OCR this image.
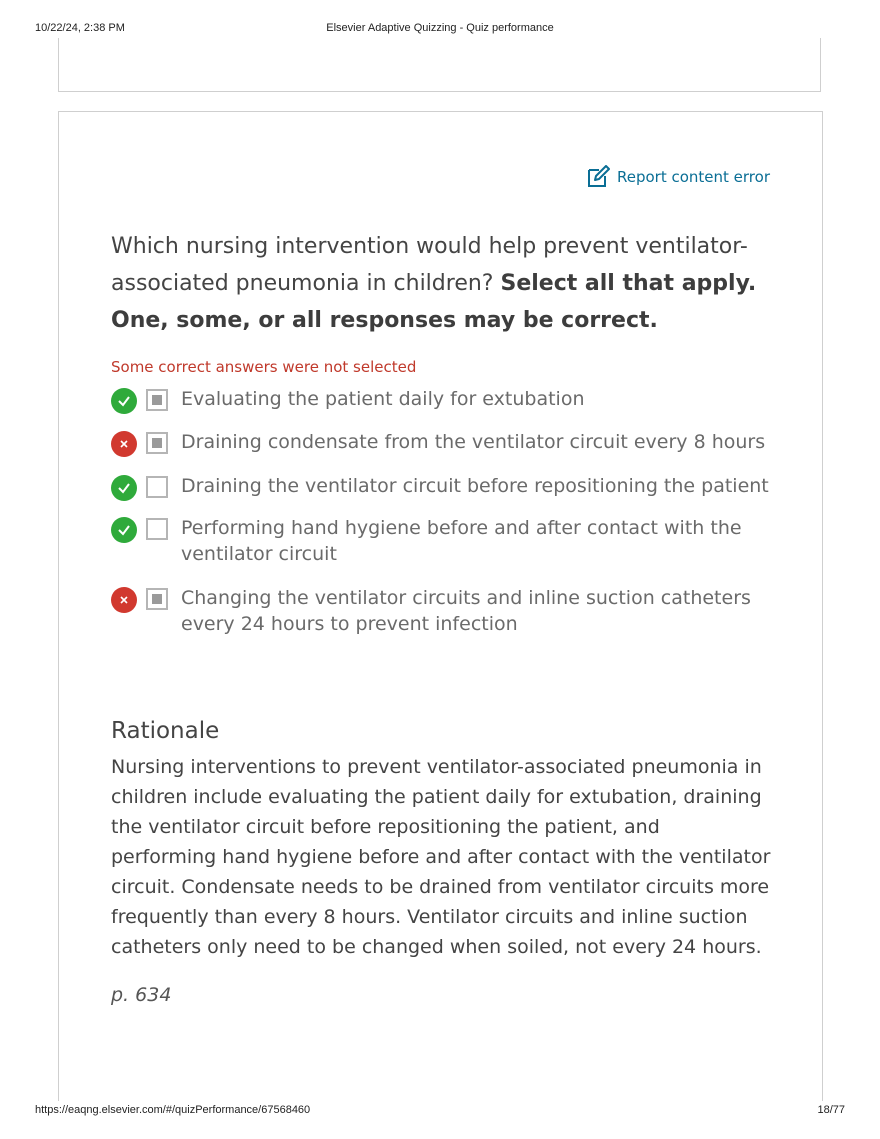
10/22/24, 2:38 PM	Elsevier Adaptive Quizzing - Quiz performance
Report content error
Which nursing intervention would help prevent ventilator-associated pneumonia in children? Select all that apply. One, some, or all responses may be correct.
Some correct answers were not selected
Evaluating the patient daily for extubation
Draining condensate from the ventilator circuit every 8 hours
Draining the ventilator circuit before repositioning the patient
Performing hand hygiene before and after contact with the ventilator circuit
Changing the ventilator circuits and inline suction catheters every 24 hours to prevent infection
Rationale
Nursing interventions to prevent ventilator-associated pneumonia in children include evaluating the patient daily for extubation, draining the ventilator circuit before repositioning the patient, and performing hand hygiene before and after contact with the ventilator circuit. Condensate needs to be drained from ventilator circuits more frequently than every 8 hours. Ventilator circuits and inline suction catheters only need to be changed when soiled, not every 24 hours.
p. 634
https://eaqng.elsevier.com/#/quizPerformance/67568460	18/77
